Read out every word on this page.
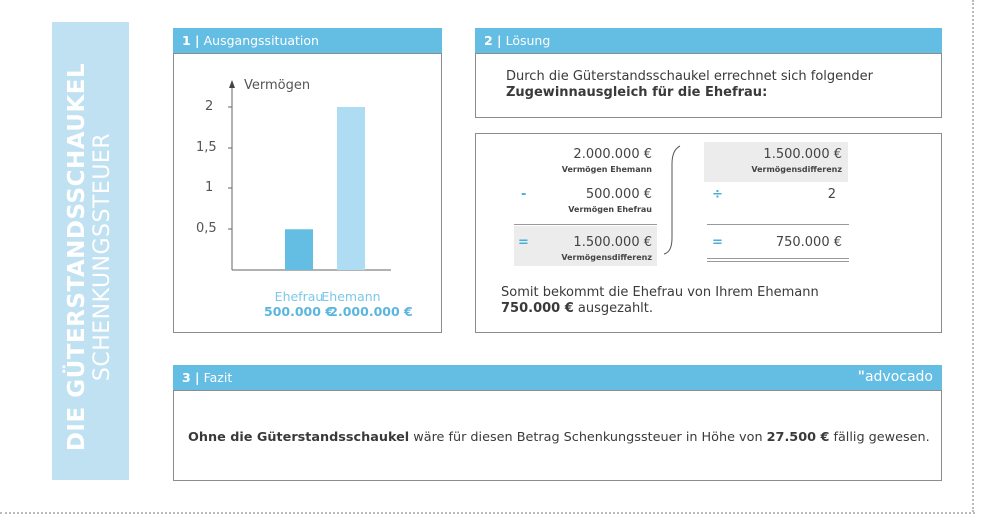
DIE GÜTERSTANDSSCHAUKEL SCHENKUNGSSTEUER
1 | Ausgangssituation
Vermögen
2
1,5
1
0,5
Ehefrau
500.000 €
Ehemann
2.000.000 €
2 | Lösung
Durch die Güterstandsschaukel errechnet sich folgender
Zugewinnausgleich für die Ehefrau:
2.000.000 €
Vermögen Ehemann
-	500.000 €
Vermögen Ehefrau
=	1.500.000 €
Vermögensdifferenz
1.500.000 €
Vermögensdifferenz
÷	2
=	750.000 €
Somit bekommt die Ehefrau von Ihrem Ehemann
750.000 € ausgezahlt.
3 | Fazit	"advocado
Ohne die Güterstandsschaukel wäre für diesen Betrag Schenkungssteuer in Höhe von 27.500 € fällig gewesen.
